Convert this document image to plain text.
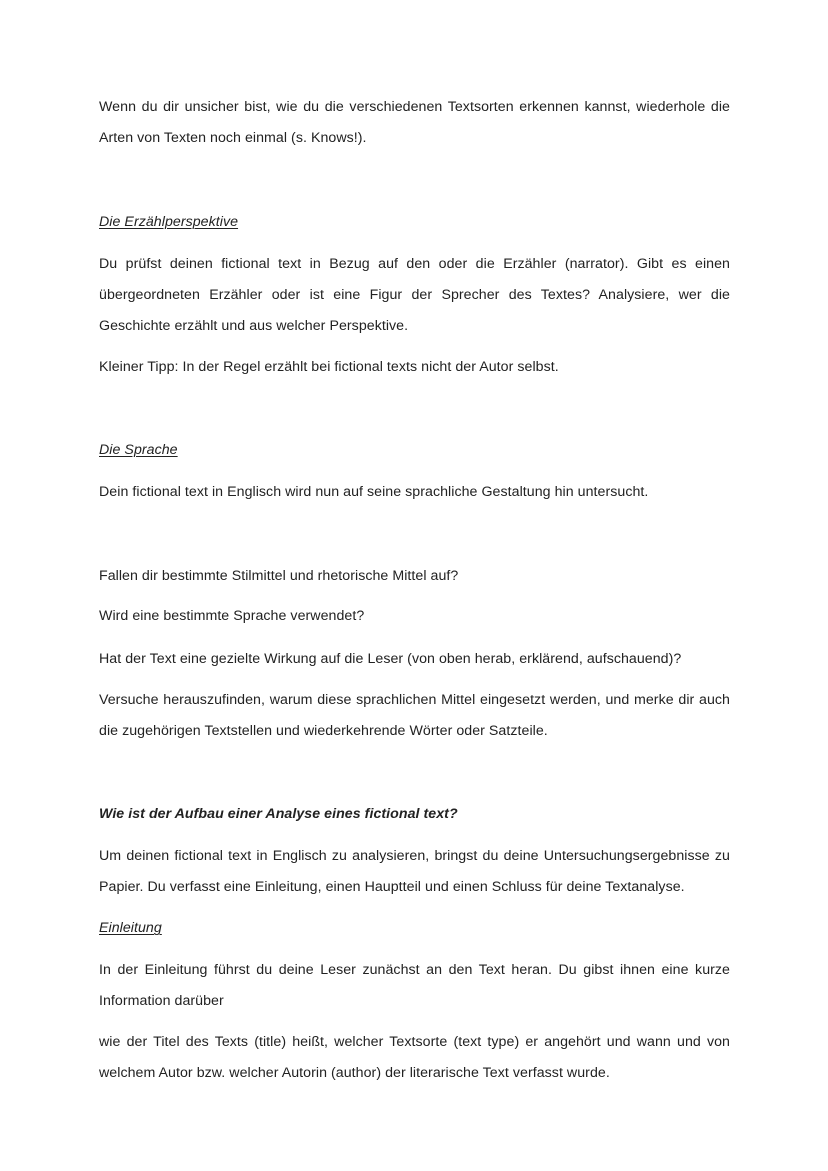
Wenn du dir unsicher bist, wie du die verschiedenen Textsorten erkennen kannst, wiederhole die Arten von Texten noch einmal (s. Knows!).

Die Erzählperspektive

Du prüfst deinen fictional text in Bezug auf den oder die Erzähler (narrator). Gibt es einen übergeordneten Erzähler oder ist eine Figur der Sprecher des Textes? Analysiere, wer die Geschichte erzählt und aus welcher Perspektive.

Kleiner Tipp: In der Regel erzählt bei fictional texts nicht der Autor selbst.

Die Sprache

Dein fictional text in Englisch wird nun auf seine sprachliche Gestaltung hin untersucht.

Fallen dir bestimmte Stilmittel und rhetorische Mittel auf?

Wird eine bestimmte Sprache verwendet?

Hat der Text eine gezielte Wirkung auf die Leser (von oben herab, erklärend, aufschauend)?

Versuche herauszufinden, warum diese sprachlichen Mittel eingesetzt werden, und merke dir auch die zugehörigen Textstellen und wiederkehrende Wörter oder Satzteile.

Wie ist der Aufbau einer Analyse eines fictional text?

Um deinen fictional text in Englisch zu analysieren, bringst du deine Untersuchungsergebnisse zu Papier. Du verfasst eine Einleitung, einen Hauptteil und einen Schluss für deine Textanalyse.

Einleitung

In der Einleitung führst du deine Leser zunächst an den Text heran. Du gibst ihnen eine kurze Information darüber

wie der Titel des Texts (title) heißt, welcher Textsorte (text type) er angehört und wann und von welchem Autor bzw. welcher Autorin (author) der literarische Text verfasst wurde.
